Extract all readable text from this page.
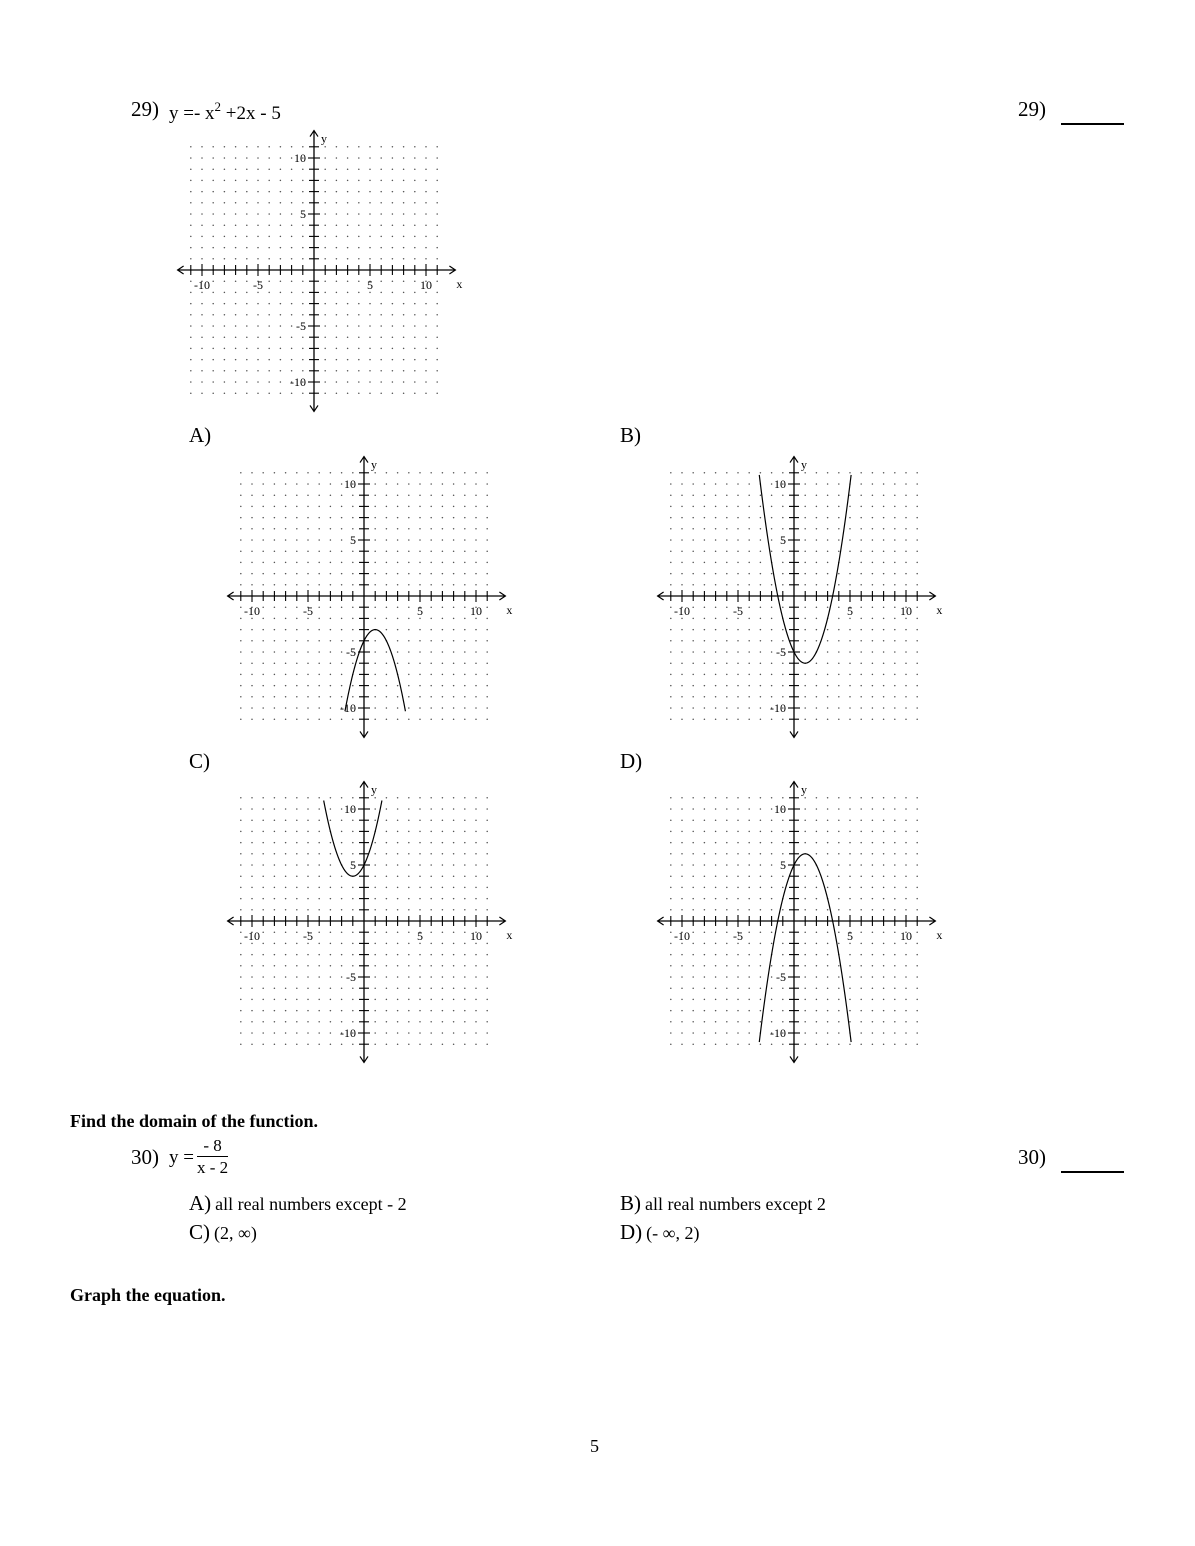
29) $y =- x^2 +2x - 5$	29)
-10	-5	5	10
10
5
-5
-10
x
y
A)
-10	-5	5	10
10
5
-5
-10
x
y
B)
-10	-5	5	10
10
5
-5
-10
x
y
C)
-10	-5	5	10
10
5
-5
-10
x
y
D)
-10	-5	5	10
10
5
-5
-10
x
y
Find the domain of the function.
30) $y = \frac{- 8}{x - 2}$	30)
A) all real numbers except - 2	B) all real numbers except 2
C) (2, ∞)	D) (- ∞, 2)
Graph the equation.
5
